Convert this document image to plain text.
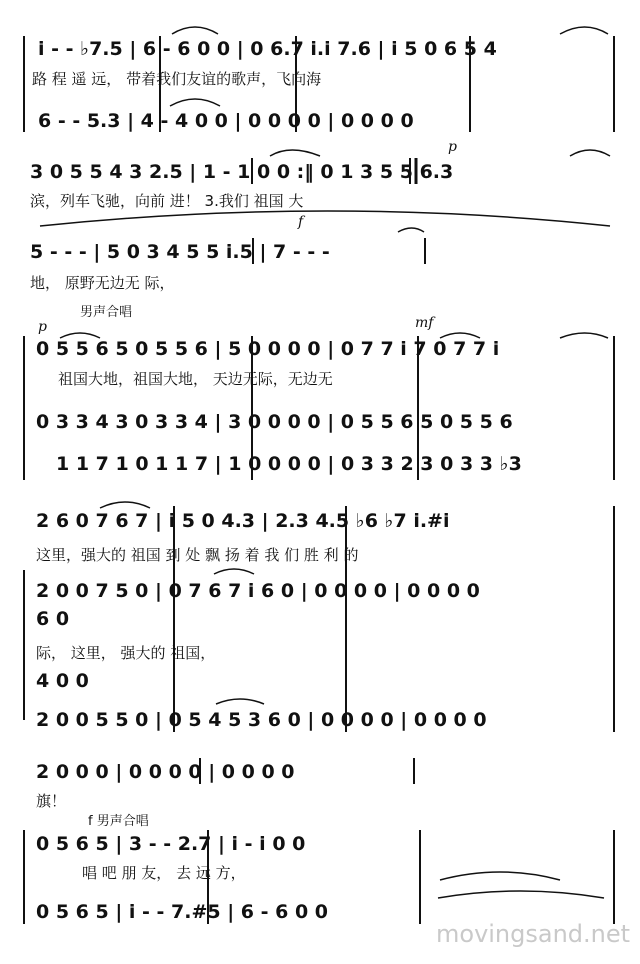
i - - ♭7.5 | 6 - 6 0 0 | 0 6.7 i.i 7.6 | i 5 0 6 5 4
路 程 遥 远， 带着我们友谊的歌声，飞向海
6 - - 5.3 | 4 - 4 0 0 | 0 0 0 0 | 0 0 0 0
p
3 0 5 5 4 3 2.5 | 1 - 1 0 0 :‖ 0 1 3 5 5 6.3
滨，列车飞驰，向前 进！ 3.我们 祖国 大
f
5 - - - | 5 0 3 4 5 5 i.5 | 7 - - -
地， 原野无边无 际，
男声合唱
p	mf
0 5 5 6 5 0 5 5 6 | 5 0 0 0 0 | 0 7 7 i 7 0 7 7 i
祖国大地，祖国大地， 天边无际，无边无
0 3 3 4 3 0 3 3 4 | 3 0 0 0 0 | 0 5 5 6 5 0 5 5 6
1 1 7 1 0 1 1 7 | 1 0 0 0 0 | 0 3 3 2 3 0 3 3 ♭3
2 6 0 7 6 7 | i 5 0 4.3 | 2.3 4.5 ♭6 ♭7 i.#i
这里，强大的 祖国 到 处 飘 扬 着 我 们 胜 利 的
2 0 0 7 5 0 | 0 7 6 7 i 6 0 | 0 0 0 0 | 0 0 0 0
6 0
际， 这里， 强大的 祖国，
4 0 0
2 0 0 5 5 0 | 0 5 4 5 3 6 0 | 0 0 0 0 | 0 0 0 0
2 0 0 0 | 0 0 0 0 | 0 0 0 0
旗！
f 男声合唱
0 5 6 5 | 3 - - 2.7 | i - i 0 0
唱 吧 朋 友， 去 远 方，
0 5 6 5 | i - - 7.#5 | 6 - 6 0 0
movingsand.net
